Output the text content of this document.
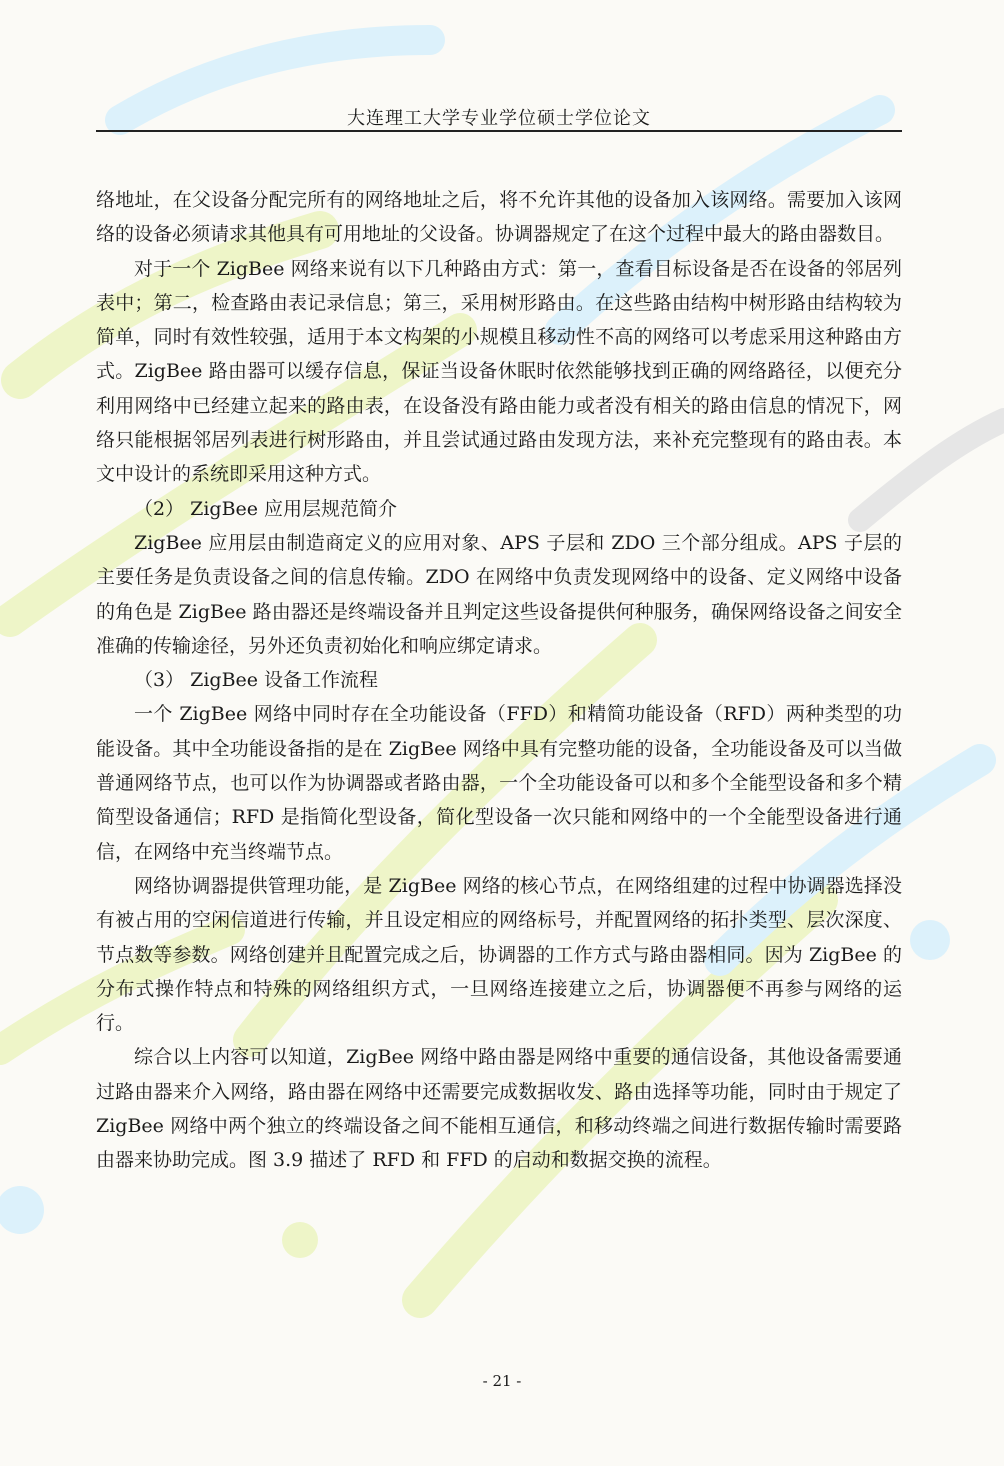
大连理工大学专业学位硕士学位论文

络地址，在父设备分配完所有的网络地址之后，将不允许其他的设备加入该网络。需要加入该网络的设备必须请求其他具有可用地址的父设备。协调器规定了在这个过程中最大的路由器数目。

对于一个 ZigBee 网络来说有以下几种路由方式：第一，查看目标设备是否在设备的邻居列表中；第二，检查路由表记录信息；第三，采用树形路由。在这些路由结构中树形路由结构较为简单，同时有效性较强，适用于本文构架的小规模且移动性不高的网络可以考虑采用这种路由方式。ZigBee 路由器可以缓存信息，保证当设备休眠时依然能够找到正确的网络路径，以便充分利用网络中已经建立起来的路由表，在设备没有路由能力或者没有相关的路由信息的情况下，网络只能根据邻居列表进行树形路由，并且尝试通过路由发现方法，来补充完整现有的路由表。本文中设计的系统即采用这种方式。

（2） ZigBee 应用层规范简介

ZigBee 应用层由制造商定义的应用对象、APS 子层和 ZDO 三个部分组成。APS 子层的主要任务是负责设备之间的信息传输。ZDO 在网络中负责发现网络中的设备、定义网络中设备的角色是 ZigBee 路由器还是终端设备并且判定这些设备提供何种服务，确保网络设备之间安全准确的传输途径，另外还负责初始化和响应绑定请求。

（3） ZigBee 设备工作流程

一个 ZigBee 网络中同时存在全功能设备（FFD）和精简功能设备（RFD）两种类型的功能设备。其中全功能设备指的是在 ZigBee 网络中具有完整功能的设备，全功能设备及可以当做普通网络节点，也可以作为协调器或者路由器，一个全功能设备可以和多个全能型设备和多个精简型设备通信；RFD 是指简化型设备，简化型设备一次只能和网络中的一个全能型设备进行通信，在网络中充当终端节点。

网络协调器提供管理功能，是 ZigBee 网络的核心节点，在网络组建的过程中协调器选择没有被占用的空闲信道进行传输，并且设定相应的网络标号，并配置网络的拓扑类型、层次深度、节点数等参数。网络创建并且配置完成之后，协调器的工作方式与路由器相同。因为 ZigBee 的分布式操作特点和特殊的网络组织方式，一旦网络连接建立之后，协调器便不再参与网络的运行。

综合以上内容可以知道，ZigBee 网络中路由器是网络中重要的通信设备，其他设备需要通过路由器来介入网络，路由器在网络中还需要完成数据收发、路由选择等功能，同时由于规定了 ZigBee 网络中两个独立的终端设备之间不能相互通信，和移动终端之间进行数据传输时需要路由器来协助完成。图 3.9 描述了 RFD 和 FFD 的启动和数据交换的流程。

- 21 -
